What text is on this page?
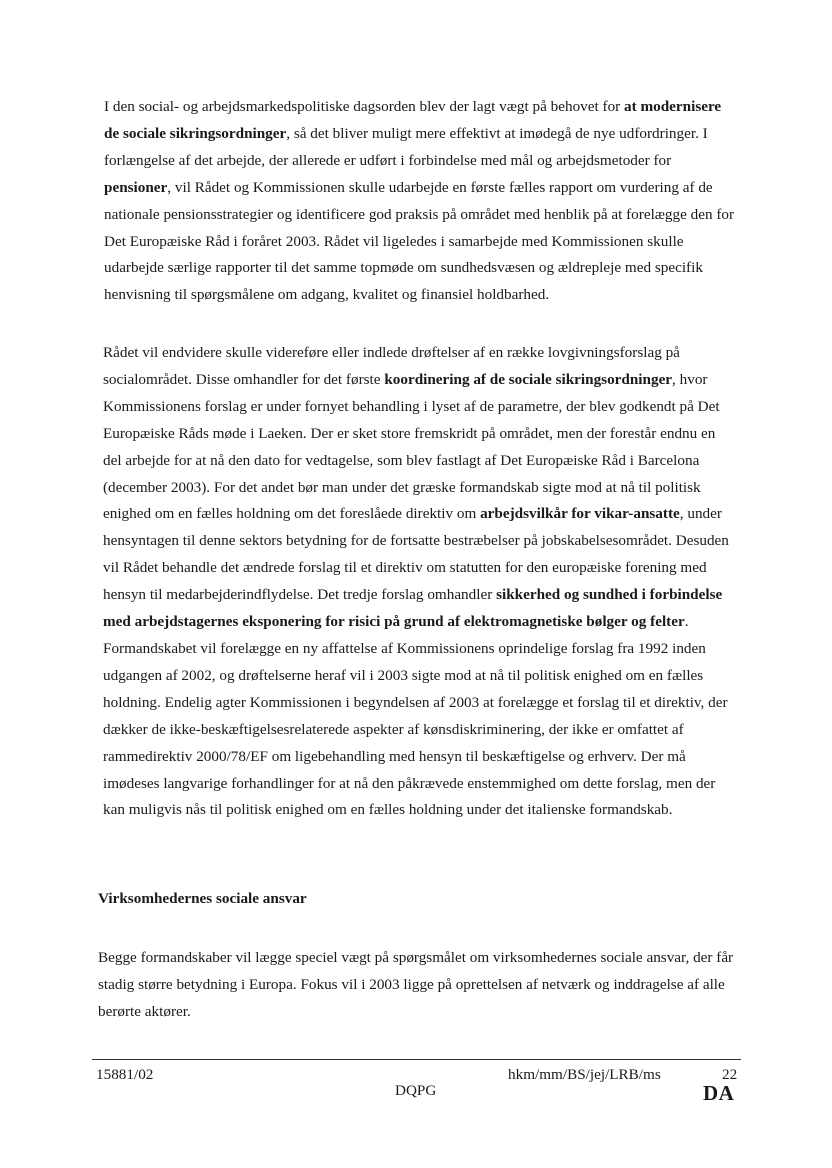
I den social- og arbejdsmarkedspolitiske dagsorden blev der lagt vægt på behovet for at modernisere de sociale sikringsordninger, så det bliver muligt mere effektivt at imødegå de nye udfordringer. I forlængelse af det arbejde, der allerede er udført i forbindelse med mål og arbejdsmetoder for pensioner, vil Rådet og Kommissionen skulle udarbejde en første fælles rapport om vurdering af de nationale pensionsstrategier og identificere god praksis på området med henblik på at forelægge den for Det Europæiske Råd i foråret 2003. Rådet vil ligeledes i samarbejde med Kommissionen skulle udarbejde særlige rapporter til det samme topmøde om sundhedsvæsen og ældrepleje med specifik henvisning til spørgsmålene om adgang, kvalitet og finansiel holdbarhed.

Rådet vil endvidere skulle videreføre eller indlede drøftelser af en række lovgivningsforslag på socialområdet. Disse omhandler for det første koordinering af de sociale sikringsordninger, hvor Kommissionens forslag er under fornyet behandling i lyset af de parametre, der blev godkendt på Det Europæiske Råds møde i Laeken. Der er sket store fremskridt på området, men der forestår endnu en del arbejde for at nå den dato for vedtagelse, som blev fastlagt af Det Europæiske Råd i Barcelona (december 2003). For det andet bør man under det græske formandskab sigte mod at nå til politisk enighed om en fælles holdning om det foreslåede direktiv om arbejdsvilkår for vikar-ansatte, under hensyntagen til denne sektors betydning for de fortsatte bestræbelser på jobskabelsesområdet. Desuden vil Rådet behandle det ændrede forslag til et direktiv om statutten for den europæiske forening med hensyn til medarbejderindflydelse. Det tredje forslag omhandler sikkerhed og sundhed i forbindelse med arbejdstagernes eksponering for risici på grund af elektromagnetiske bølger og felter. Formandskabet vil forelægge en ny affattelse af Kommissionens oprindelige forslag fra 1992 inden udgangen af 2002, og drøftelserne heraf vil i 2003 sigte mod at nå til politisk enighed om en fælles holdning. Endelig agter Kommissionen i begyndelsen af 2003 at forelægge et forslag til et direktiv, der dækker de ikke-beskæftigelsesrelaterede aspekter af kønsdiskriminering, der ikke er omfattet af rammedirektiv 2000/78/EF om ligebehandling med hensyn til beskæftigelse og erhverv. Der må imødeses langvarige forhandlinger for at nå den påkrævede enstemmighed om dette forslag, men der kan muligvis nås til politisk enighed om en fælles holdning under det italienske formandskab.

Virksomhedernes sociale ansvar

Begge formandskaber vil lægge speciel vægt på spørgsmålet om virksomhedernes sociale ansvar, der får stadig større betydning i Europa. Fokus vil i 2003 ligge på oprettelsen af netværk og inddragelse af alle berørte aktører.

15881/02	hkm/mm/BS/jej/LRB/ms	22

DQPG	DA
